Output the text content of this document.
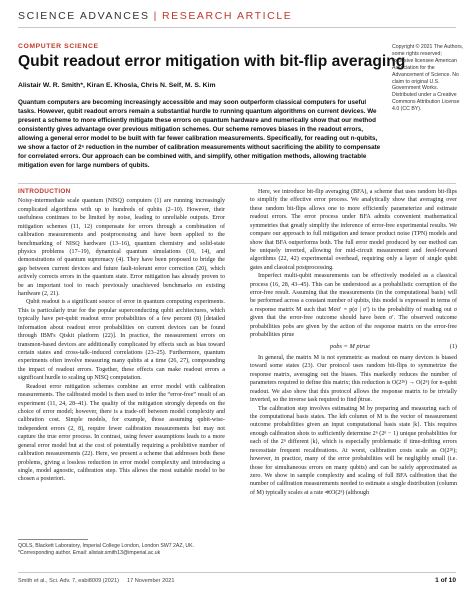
SCIENCE ADVANCES | RESEARCH ARTICLE
COMPUTER SCIENCE
Qubit readout error mitigation with bit-flip averaging
Alistair W. R. Smith*, Kiran E. Khosla, Chris N. Self, M. S. Kim

Quantum computers are becoming increasingly accessible and may soon outperform classical computers for useful tasks. However, qubit readout errors remain a substantial hurdle to running quantum algorithms on current devices. We present a scheme to more efficiently mitigate these errors on quantum hardware and numerically show that our method consistently gives advantage over previous mitigation schemes. Our scheme removes biases in the readout errors, allowing a general error model to be built with far fewer calibration measurements. Specifically, for reading out n-qubits, we show a factor of 2ⁿ reduction in the number of calibration measurements without sacrificing the ability to compensate for correlated errors. Our approach can be combined with, and simplify, other mitigation methods, allowing tractable mitigation even for large numbers of qubits.

Copyright © 2021 The Authors, some rights reserved; exclusive licensee American Association for the Advancement of Science. No claim to original U.S. Government Works. Distributed under a Creative Commons Attribution License 4.0 (CC BY).
INTRODUCTION

Noisy-intermediate scale quantum (NISQ) computers (1) are running increasingly complicated algorithms with up to hundreds of qubits (2–10). However, their usefulness continues to be limited by noise, leading to unreliable outputs. Error mitigation schemes (11, 12) compensate for errors through a combination of calibration measurements and postprocessing and have been applied to the benchmarking of NISQ hardware (13–16), quantum chemistry and solid-state physics problems (17–19), dynamical quantum simulations (10, 14), and demonstrations of quantum supremacy (4). They have been proposed to bridge the gap between current devices and future fault-tolerant error correction (20), which actively corrects errors in the quantum state. Error mitigation has already proven to be an important tool to reach previously unachieved benchmarks on existing hardware (2, 21).

Qubit readout is a significant source of error in quantum computing experiments. This is particularly true for the popular superconducting qubit architectures, which typically have per-qubit readout error probabilities of a few percent (8) [detailed information about readout error probabilities on current devices can be found through IBM's Qiskit platform (22)]. In practice, the measurement errors on transmon-based devices are additionally complicated by effects such as bias toward certain states and cross-talk–induced correlations (23–25). Furthermore, quantum experiments often involve measuring many qubits at a time (26, 27), compounding the impact of readout errors. Together, these effects can make readout errors a significant hurdle to scaling up NISQ computation.

Readout error mitigation schemes combine an error model with calibration measurements. The calibrated model is then used to infer the “error-free” result of an experiment (11, 24, 28–41). The quality of the mitigation strongly depends on the choice of error model; however, there is a trade-off between model complexity and calibration cost. Simple models, for example, those assuming qubit-wise-independent errors (2, 8), require fewer calibration measurements but may not capture the true error process. In contrast, using fewer assumptions leads to a more general error model but at the cost of potentially requiring a prohibitive number of calibration measurements (22). Here, we present a scheme that addresses both these problems, giving a lossless reduction in error model complexity and introducing a single, model agnostic, calibration step. This allows the most suitable model to be chosen a posteriori.

Here, we introduce bit-flip averaging (BFA), a scheme that uses random bit-flips to simplify the effective error process. We analytically show that averaging over these random bit-flips allows one to more efficiently parameterize and estimate readout errors. The error process under BFA admits convenient mathematical symmetries that greatly simplify the inference of error-free experimental results. We compare our approach to full mitigation and tensor product noise (TPN) models and show that BFA outperforms both. The full error model produced by our method can be uniquely inverted, allowing for mid-circuit measurement and feed-forward algorithms (22, 42) experimental overhead, requiring only a layer of single qubit gates and classical postprocessing.

Imperfect multi-qubit measurements can be effectively modeled as a classical process (16, 28, 43–45). This can be understood as a probabilistic corruption of the error-free result. Assuming that the measurements (in the computational basis) will be performed across a constant number of qubits, this model is expressed in terms of a response matrix M such that Mσσ′ = p(σ | σ′) is the probability of reading out σ given that the error-free outcome should have been σ′. The observed outcome probabilities pobs are given by the action of the response matrix on the error-free probabilities ptrue

pobs = M ptrue	(1)

In general, the matrix M is not symmetric as readout on many devices is biased toward some states (23). Our protocol uses random bit-flips to symmetrize the response matrix, averaging out the biases. This markedly reduces the number of parameters required to define this matrix; this reduction is O(2²ⁿ) → O(2ⁿ) for n-qubit readout. We also show that this protocol allows the response matrix to be trivially inverted, so the inverse task required to find p̂true.

The calibration step involves estimating M by preparing and measuring each of the computational basis states. The kth column of M is the vector of measurement outcome probabilities given an input computational basis state |k⟩. This requires enough calibration shots to sufficiently determine 2ⁿ (2ⁿ − 1) unique probabilities for each of the 2ⁿ different |k⟩, which is especially problematic if time-drifting errors necessitate frequent recalibrations. At worst, calibration costs scale as O(2²ⁿ); however, in practice, many of the error probabilities will be negligibly small (i.e. those for simultaneous errors on many qubits) and can be safely approximated as zero. We show in sample complexity and scaling of full BFA calibration that the number of calibration measurements needed to estimate a single distribution (column of M) typically scales at a rate ≪O(2ⁿ) (although

QOLS, Blackett Laboratory, Imperial College London, London SW7 2AZ, UK.

*Corresponding author. Email: alistair.smith13@imperial.ac.uk

Smith et al., Sci. Adv. 7, eabi8009 (2021) 17 November 2021	1 of 10
